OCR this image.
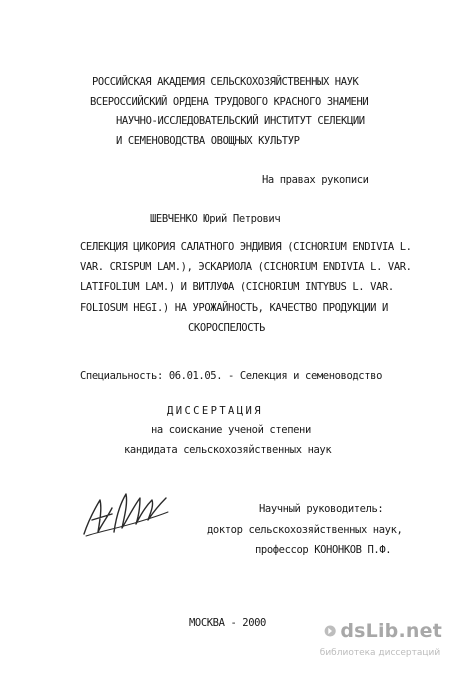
РОССИЙСКАЯ АКАДЕМИЯ СЕЛЬСКОХОЗЯЙСТВЕННЫХ НАУК
ВСЕРОССИЙСКИЙ ОРДЕНА ТРУДОВОГО КРАСНОГО ЗНАМЕНИ
НАУЧНО-ИССЛЕДОВАТЕЛЬСКИЙ ИНСТИТУТ СЕЛЕКЦИИ
И СЕМЕНОВОДСТВА ОВОЩНЫХ КУЛЬТУР
На правах рукописи
ШЕВЧЕНКО Юрий Петрович
СЕЛЕКЦИЯ ЦИКОРИЯ САЛАТНОГО ЭНДИВИЯ (CICHORIUM ENDIVIA L.
VAR. CRISPUM LAM.), ЭСКАРИОЛА (CICHORIUM ENDIVIA L. VAR.
LATIFOLIUM LAM.) И ВИТЛУФА (CICHORIUM INTYBUS L. VAR.
FOLIOSUM HEGI.) НА УРОЖАЙНОСТЬ, КАЧЕСТВО ПРОДУКЦИИ И
СКОРОСПЕЛОСТЬ
Специальность: 06.01.05. - Селекция и семеноводство
ДИССЕРТАЦИЯ
на соискание ученой степени
кандидата сельскохозяйственных наук
Научный руководитель:
доктор сельскохозяйственных наук,
профессор КОНОНКОВ П.Ф.
МОСКВА - 2000	dsLib.net
библиотека диссертаций
